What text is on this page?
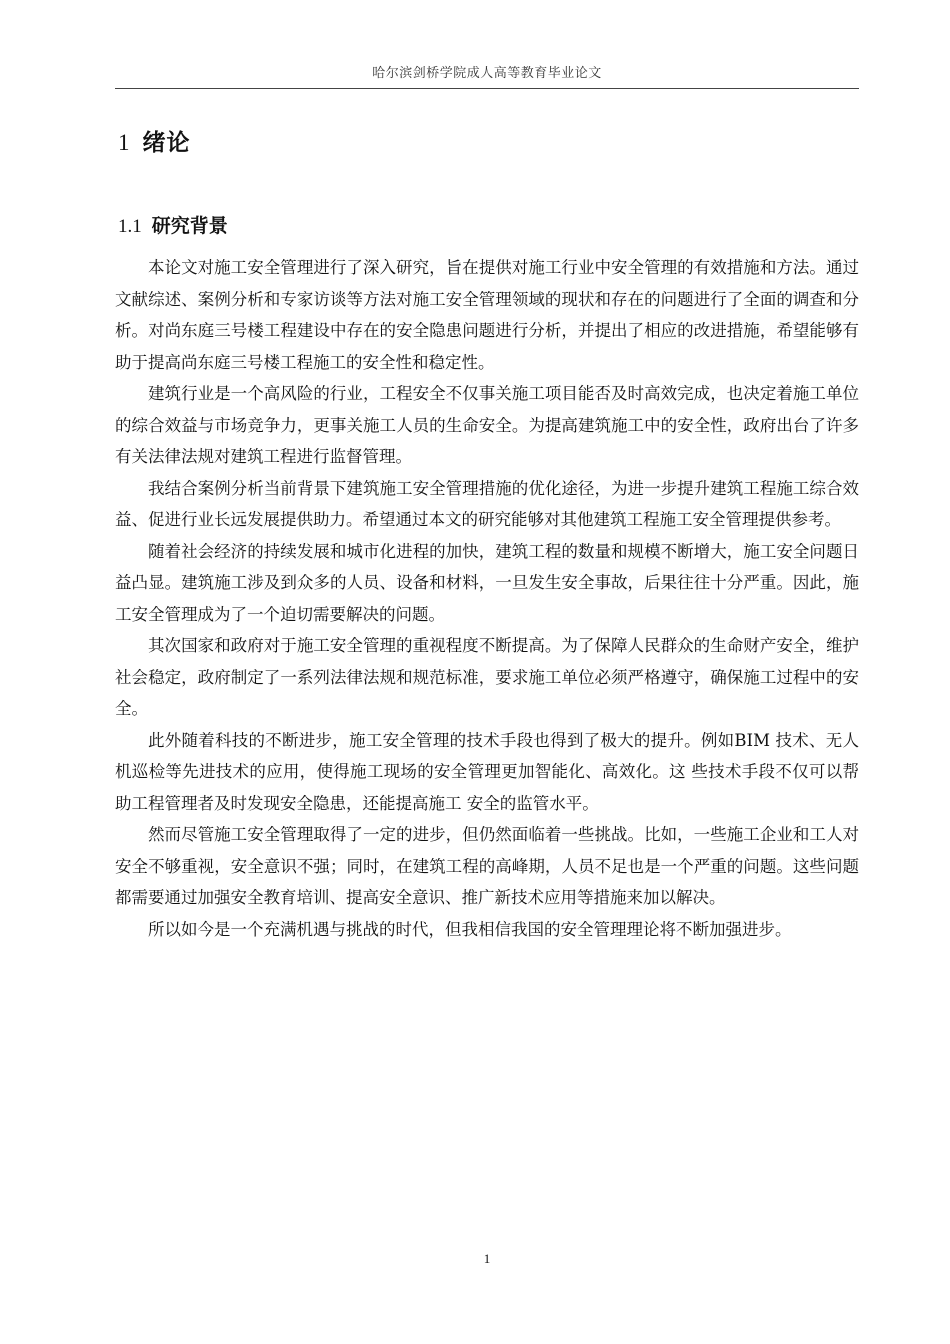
哈尔滨剑桥学院成人高等教育毕业论文
1 绪论
1.1 研究背景

本论文对施工安全管理进行了深入研究，旨在提供对施工行业中安全管理的有效措施和方法。通过文献综述、案例分析和专家访谈等方法对施工安全管理领域的现状和存在的问题进行了全面的调查和分析。对尚东庭三号楼工程建设中存在的安全隐患问题进行分析，并提出了相应的改进措施，希望能够有助于提高尚东庭三号楼工程施工的安全性和稳定性。

建筑行业是一个高风险的行业，工程安全不仅事关施工项目能否及时高效完成，也决定着施工单位的综合效益与市场竞争力，更事关施工人员的生命安全。为提高建筑施工中的安全性，政府出台了许多有关法律法规对建筑工程进行监督管理。

我结合案例分析当前背景下建筑施工安全管理措施的优化途径，为进一步提升建筑工程施工综合效益、促进行业长远发展提供助力。希望通过本文的研究能够对其他建筑工程施工安全管理提供参考。

随着社会经济的持续发展和城市化进程的加快，建筑工程的数量和规模不断增大，施工安全问题日益凸显。建筑施工涉及到众多的人员、设备和材料，一旦发生安全事故，后果往往十分严重。因此，施工安全管理成为了一个迫切需要解决的问题。

其次国家和政府对于施工安全管理的重视程度不断提高。为了保障人民群众的生命财产安全，维护社会稳定，政府制定了一系列法律法规和规范标准，要求施工单位必须严格遵守，确保施工过程中的安全。

此外随着科技的不断进步，施工安全管理的技术手段也得到了极大的提升。例如BIM 技术、无人机巡检等先进技术的应用，使得施工现场的安全管理更加智能化、高效化。这 些技术手段不仅可以帮助工程管理者及时发现安全隐患，还能提高施工 安全的监管水平。

然而尽管施工安全管理取得了一定的进步，但仍然面临着一些挑战。比如，一些施工企业和工人对安全不够重视，安全意识不强；同时，在建筑工程的高峰期，人员不足也是一个严重的问题。这些问题都需要通过加强安全教育培训、提高安全意识、推广新技术应用等措施来加以解决。

所以如今是一个充满机遇与挑战的时代，但我相信我国的安全管理理论将不断加强进步。

1
